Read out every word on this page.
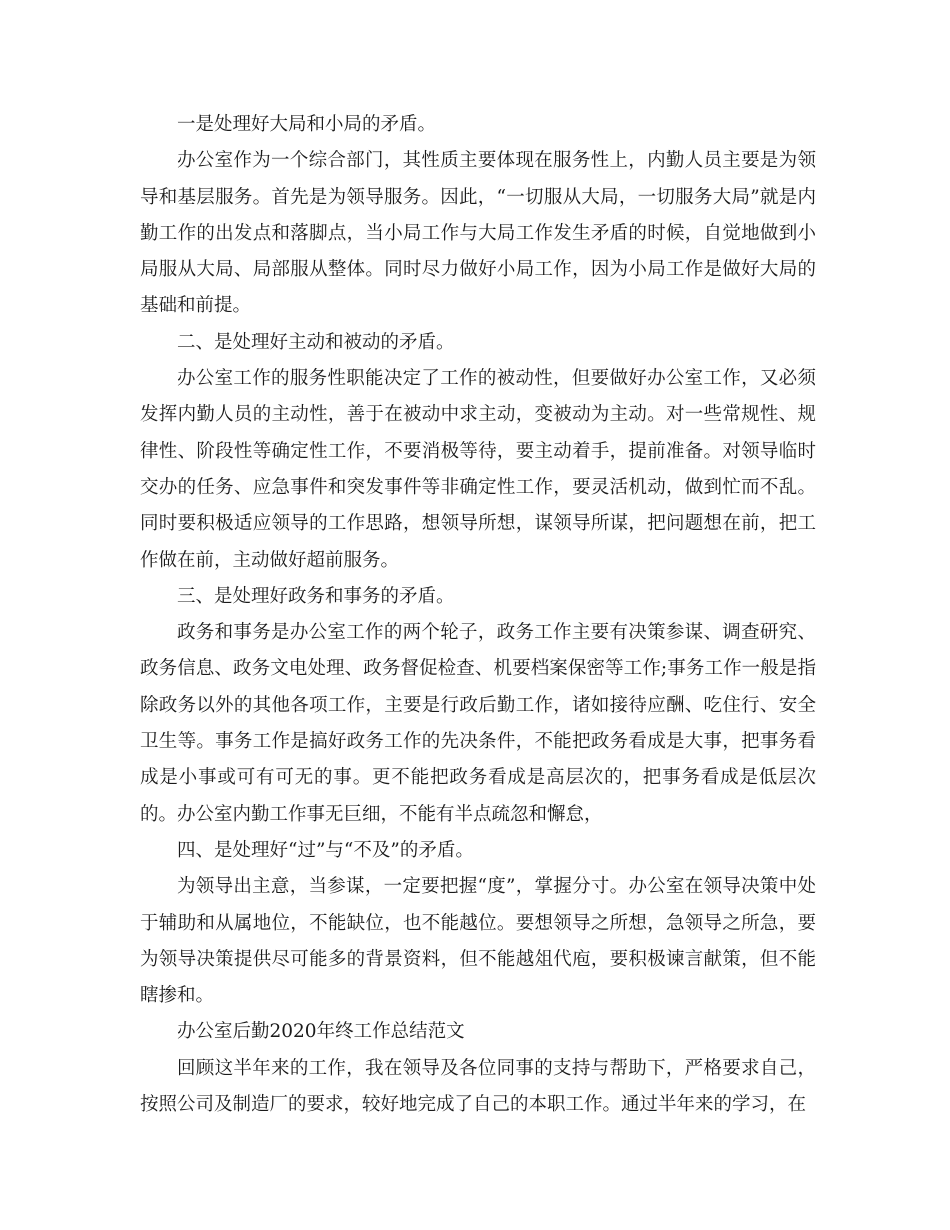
一是处理好大局和小局的矛盾。

办公室作为一个综合部门，其性质主要体现在服务性上，内勤人员主要是为领导和基层服务。首先是为领导服务。因此，“一切服从大局，一切服务大局”就是内勤工作的出发点和落脚点，当小局工作与大局工作发生矛盾的时候，自觉地做到小局服从大局、局部服从整体。同时尽力做好小局工作，因为小局工作是做好大局的基础和前提。

二、是处理好主动和被动的矛盾。

办公室工作的服务性职能决定了工作的被动性，但要做好办公室工作，又必须发挥内勤人员的主动性，善于在被动中求主动，变被动为主动。对一些常规性、规律性、阶段性等确定性工作，不要消极等待，要主动着手，提前准备。对领导临时交办的任务、应急事件和突发事件等非确定性工作，要灵活机动，做到忙而不乱。同时要积极适应领导的工作思路，想领导所想，谋领导所谋，把问题想在前，把工作做在前，主动做好超前服务。

三、是处理好政务和事务的矛盾。

政务和事务是办公室工作的两个轮子，政务工作主要有决策参谋、调查研究、政务信息、政务文电处理、政务督促检查、机要档案保密等工作;事务工作一般是指除政务以外的其他各项工作，主要是行政后勤工作，诸如接待应酬、吃住行、安全卫生等。事务工作是搞好政务工作的先决条件，不能把政务看成是大事，把事务看成是小事或可有可无的事。更不能把政务看成是高层次的，把事务看成是低层次的。办公室内勤工作事无巨细，不能有半点疏忽和懈怠，

四、是处理好“过”与“不及”的矛盾。

为领导出主意，当参谋，一定要把握“度”，掌握分寸。办公室在领导决策中处于辅助和从属地位，不能缺位，也不能越位。要想领导之所想，急领导之所急，要为领导决策提供尽可能多的背景资料，但不能越俎代庖，要积极谏言献策，但不能瞎掺和。

办公室后勤2020年终工作总结范文

回顾这半年来的工作，我在领导及各位同事的支持与帮助下，严格要求自己，按照公司及制造厂的要求，较好地完成了自己的本职工作。通过半年来的学习，在
